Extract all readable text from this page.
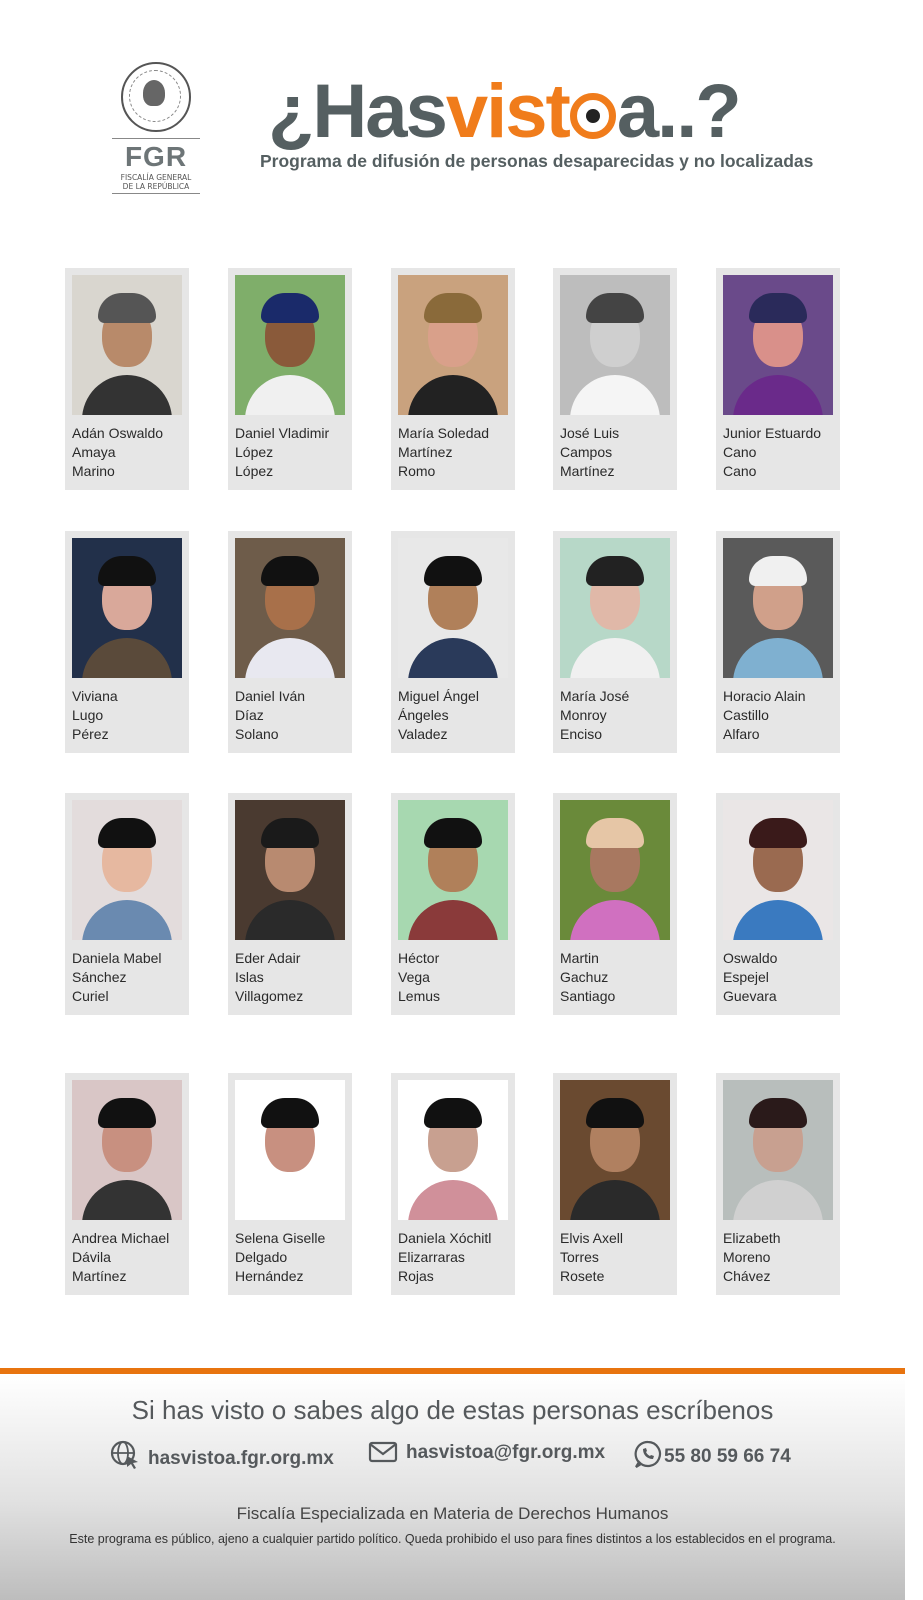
FGR
FISCALÍA GENERAL
DE LA REPÚBLICA
¿Hasvist a..?
Programa de difusión de personas desaparecidas y no localizadas
Adán Oswaldo
Amaya
Marino
Daniel Vladimir
López
López
María Soledad
Martínez
Romo
José Luis
Campos
Martínez
Junior Estuardo
Cano
Cano
Viviana
Lugo
Pérez
Daniel Iván
Díaz
Solano
Miguel Ángel
Ángeles
Valadez
María José
Monroy
Enciso
Horacio Alain
Castillo
Alfaro
Daniela Mabel
Sánchez
Curiel
Eder Adair
Islas
Villagomez
Héctor
Vega
Lemus
Martin
Gachuz
Santiago
Oswaldo
Espejel
Guevara
Andrea Michael
Dávila
Martínez
Selena Giselle
Delgado
Hernández
Daniela Xóchitl
Elizarraras
Rojas
Elvis Axell
Torres
Rosete
Elizabeth
Moreno
Chávez
Si has visto o sabes algo de estas personas escríbenos
hasvistoa.fgr.org.mx	hasvistoa@fgr.org.mx	55 80 59 66 74
Fiscalía Especializada en Materia de Derechos Humanos
Este programa es público, ajeno a cualquier partido político. Queda prohibido el uso para fines distintos a los establecidos en el programa.
